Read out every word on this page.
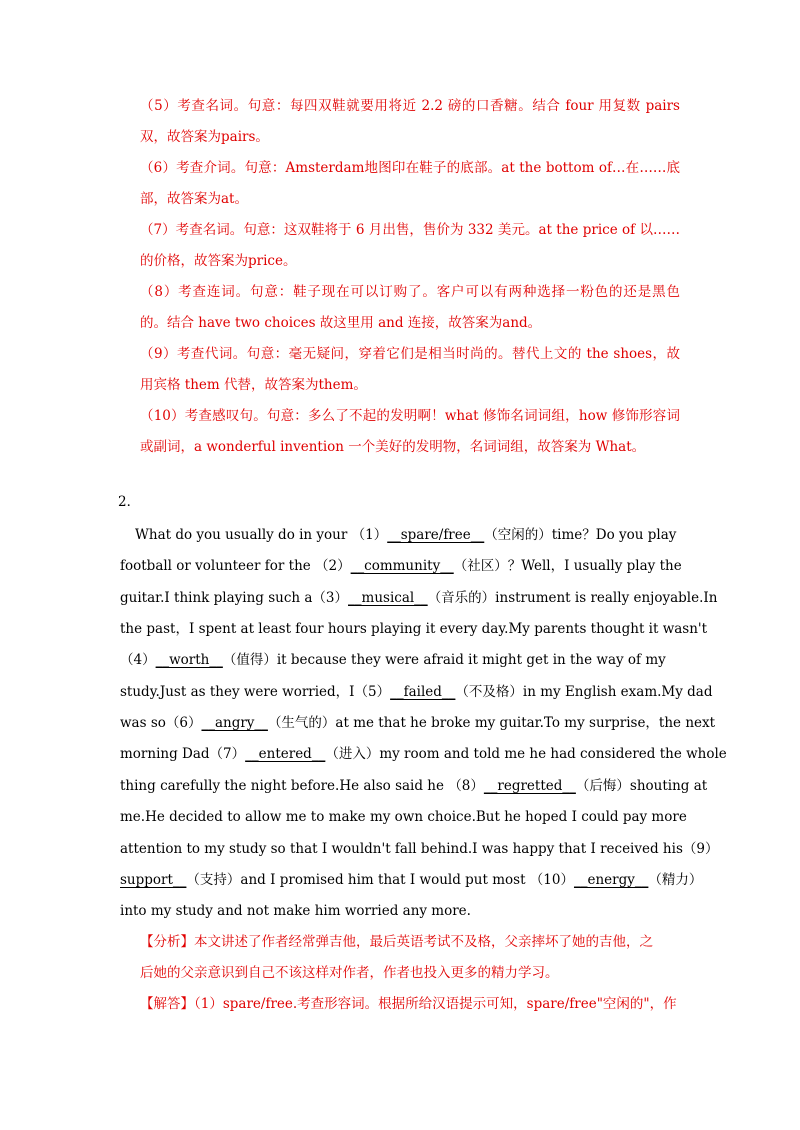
（5）考查名词。句意：每四双鞋就要用将近 2.2 磅的口香糖。结合 four 用复数 pairs
双，故答案为pairs。
（6）考查介词。句意：Amsterdam地图印在鞋子的底部。at the bottom of…在……底
部，故答案为at。
（7）考查名词。句意：这双鞋将于 6 月出售，售价为 332 美元。at the price of 以……
的价格，故答案为price。
（8）考查连词。句意：鞋子现在可以订购了。客户可以有两种选择一粉色的还是黑色
的。结合 have two choices 故这里用 and 连接，故答案为and。
（9）考查代词。句意：毫无疑问，穿着它们是相当时尚的。替代上文的 the shoes，故
用宾格 them 代替，故答案为them。
（10）考查感叹句。句意：多么了不起的发明啊！what 修饰名词词组，how 修饰形容词
或副词，a wonderful invention 一个美好的发明物，名词词组，故答案为 What。
2．
What do you usually do in your （1）__spare/free__（空闲的）time？Do you play
football or volunteer for the （2）__community__（社区）？Well，I usually play the
guitar.I think playing such a（3）__musical__（音乐的）instrument is really enjoyable.In
the past，I spent at least four hours playing it every day.My parents thought it wasn't
（4）__worth__（值得）it because they were afraid it might get in the way of my
study.Just as they were worried，I（5）__failed__（不及格）in my English exam.My dad
was so（6）__angry__（生气的）at me that he broke my guitar.To my surprise，the next
morning Dad（7）__entered__（进入）my room and told me he had considered the whole
thing carefully the night before.He also said he （8）__regretted__（后悔）shouting at
me.He decided to allow me to make my own choice.But he hoped I could pay more
attention to my study so that I wouldn't fall behind.I was happy that I received his（9）
support__（支持）and I promised him that I would put most （10）__energy__（精力）
into my study and not make him worried any more.
【分析】本文讲述了作者经常弹吉他，最后英语考试不及格，父亲摔坏了她的吉他，之
后她的父亲意识到自己不该这样对作者，作者也投入更多的精力学习。
【解答】（1）spare/free.考查形容词。根据所给汉语提示可知，spare/free"空闲的"，作
